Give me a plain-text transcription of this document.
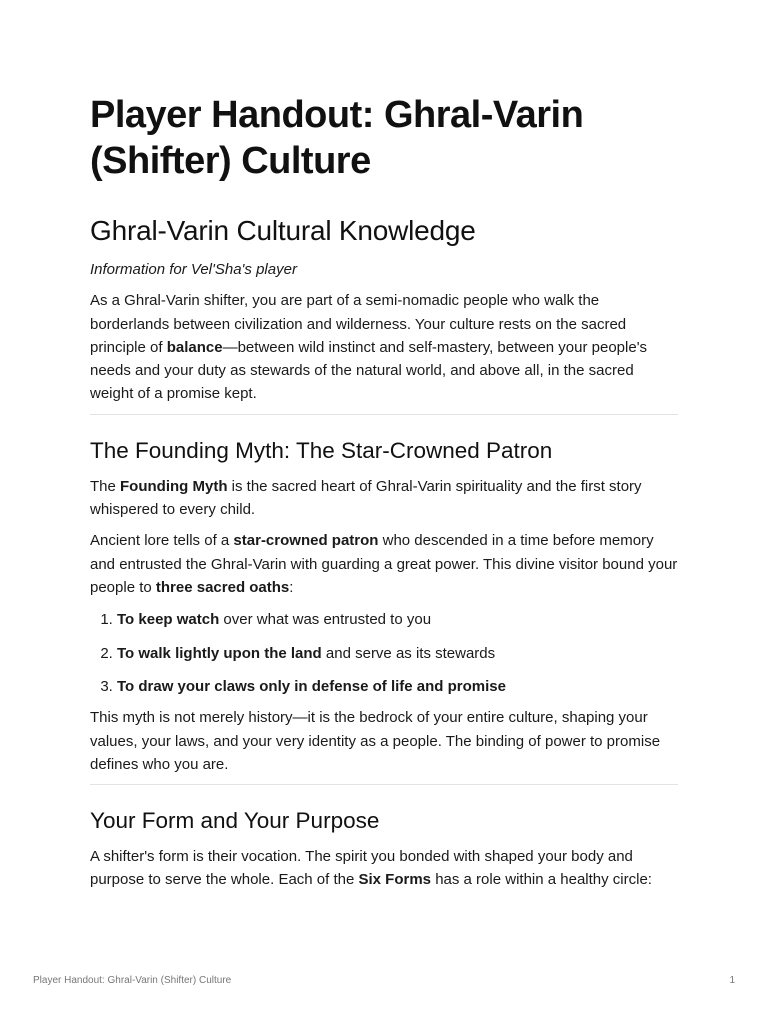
Player Handout: Ghral-Varin (Shifter) Culture
Ghral-Varin Cultural Knowledge

Information for Vel'Sha's player

As a Ghral-Varin shifter, you are part of a semi-nomadic people who walk the borderlands between civilization and wilderness. Your culture rests on the sacred principle of balance—between wild instinct and self-mastery, between your people's needs and your duty as stewards of the natural world, and above all, in the sacred weight of a promise kept.

The Founding Myth: The Star-Crowned Patron

The Founding Myth is the sacred heart of Ghral-Varin spirituality and the first story whispered to every child.

Ancient lore tells of a star-crowned patron who descended in a time before memory and entrusted the Ghral-Varin with guarding a great power. This divine visitor bound your people to three sacred oaths:

1. To keep watch over what was entrusted to you
2. To walk lightly upon the land and serve as its stewards
3. To draw your claws only in defense of life and promise

This myth is not merely history—it is the bedrock of your entire culture, shaping your values, your laws, and your very identity as a people. The binding of power to promise defines who you are.

Your Form and Your Purpose

A shifter's form is their vocation. The spirit you bonded with shaped your body and purpose to serve the whole. Each of the Six Forms has a role within a healthy circle:

Player Handout: Ghral-Varin (Shifter) Culture	1
